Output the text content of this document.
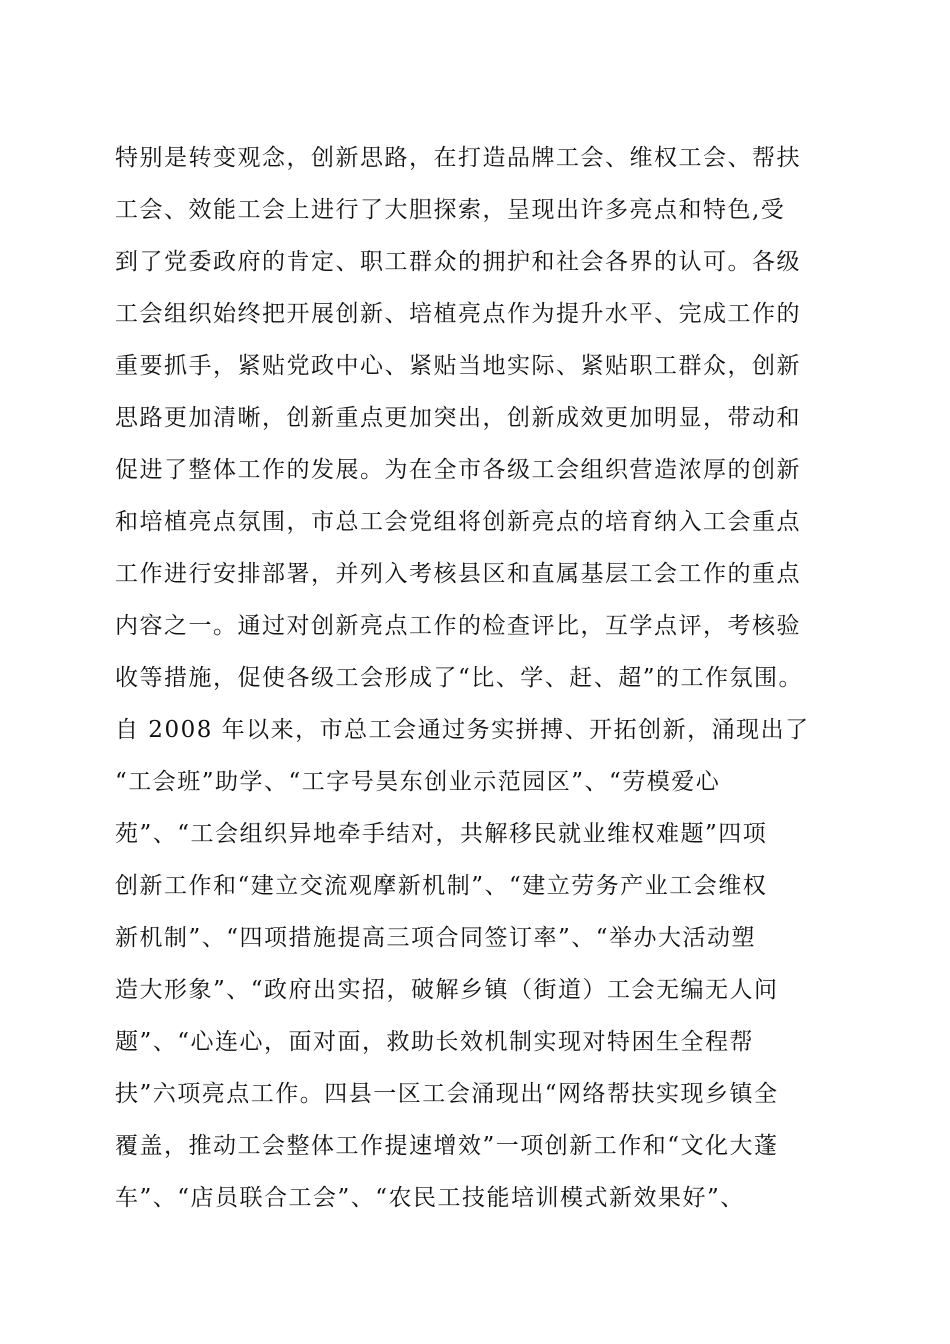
特别是转变观念，创新思路，在打造品牌工会、维权工会、帮扶
工会、效能工会上进行了大胆探索，呈现出许多亮点和特色,受
到了党委政府的肯定、职工群众的拥护和社会各界的认可。各级
工会组织始终把开展创新、培植亮点作为提升水平、完成工作的
重要抓手，紧贴党政中心、紧贴当地实际、紧贴职工群众，创新
思路更加清晰，创新重点更加突出，创新成效更加明显，带动和
促进了整体工作的发展。为在全市各级工会组织营造浓厚的创新
和培植亮点氛围，市总工会党组将创新亮点的培育纳入工会重点
工作进行安排部署，并列入考核县区和直属基层工会工作的重点
内容之一。通过对创新亮点工作的检查评比，互学点评，考核验
收等措施，促使各级工会形成了“比、学、赶、超”的工作氛围。
自 2008 年以来，市总工会通过务实拼搏、开拓创新，涌现出了
“工会班”助学、“工字号昊东创业示范园区”、“劳模爱心
苑”、“工会组织异地牵手结对，共解移民就业维权难题”四项
创新工作和“建立交流观摩新机制”、“建立劳务产业工会维权
新机制”、“四项措施提高三项合同签订率”、“举办大活动塑
造大形象”、“政府出实招，破解乡镇（街道）工会无编无人问
题”、“心连心，面对面，救助长效机制实现对特困生全程帮
扶”六项亮点工作。四县一区工会涌现出“网络帮扶实现乡镇全
覆盖，推动工会整体工作提速增效”一项创新工作和“文化大蓬
车”、“店员联合工会”、“农民工技能培训模式新效果好”、
